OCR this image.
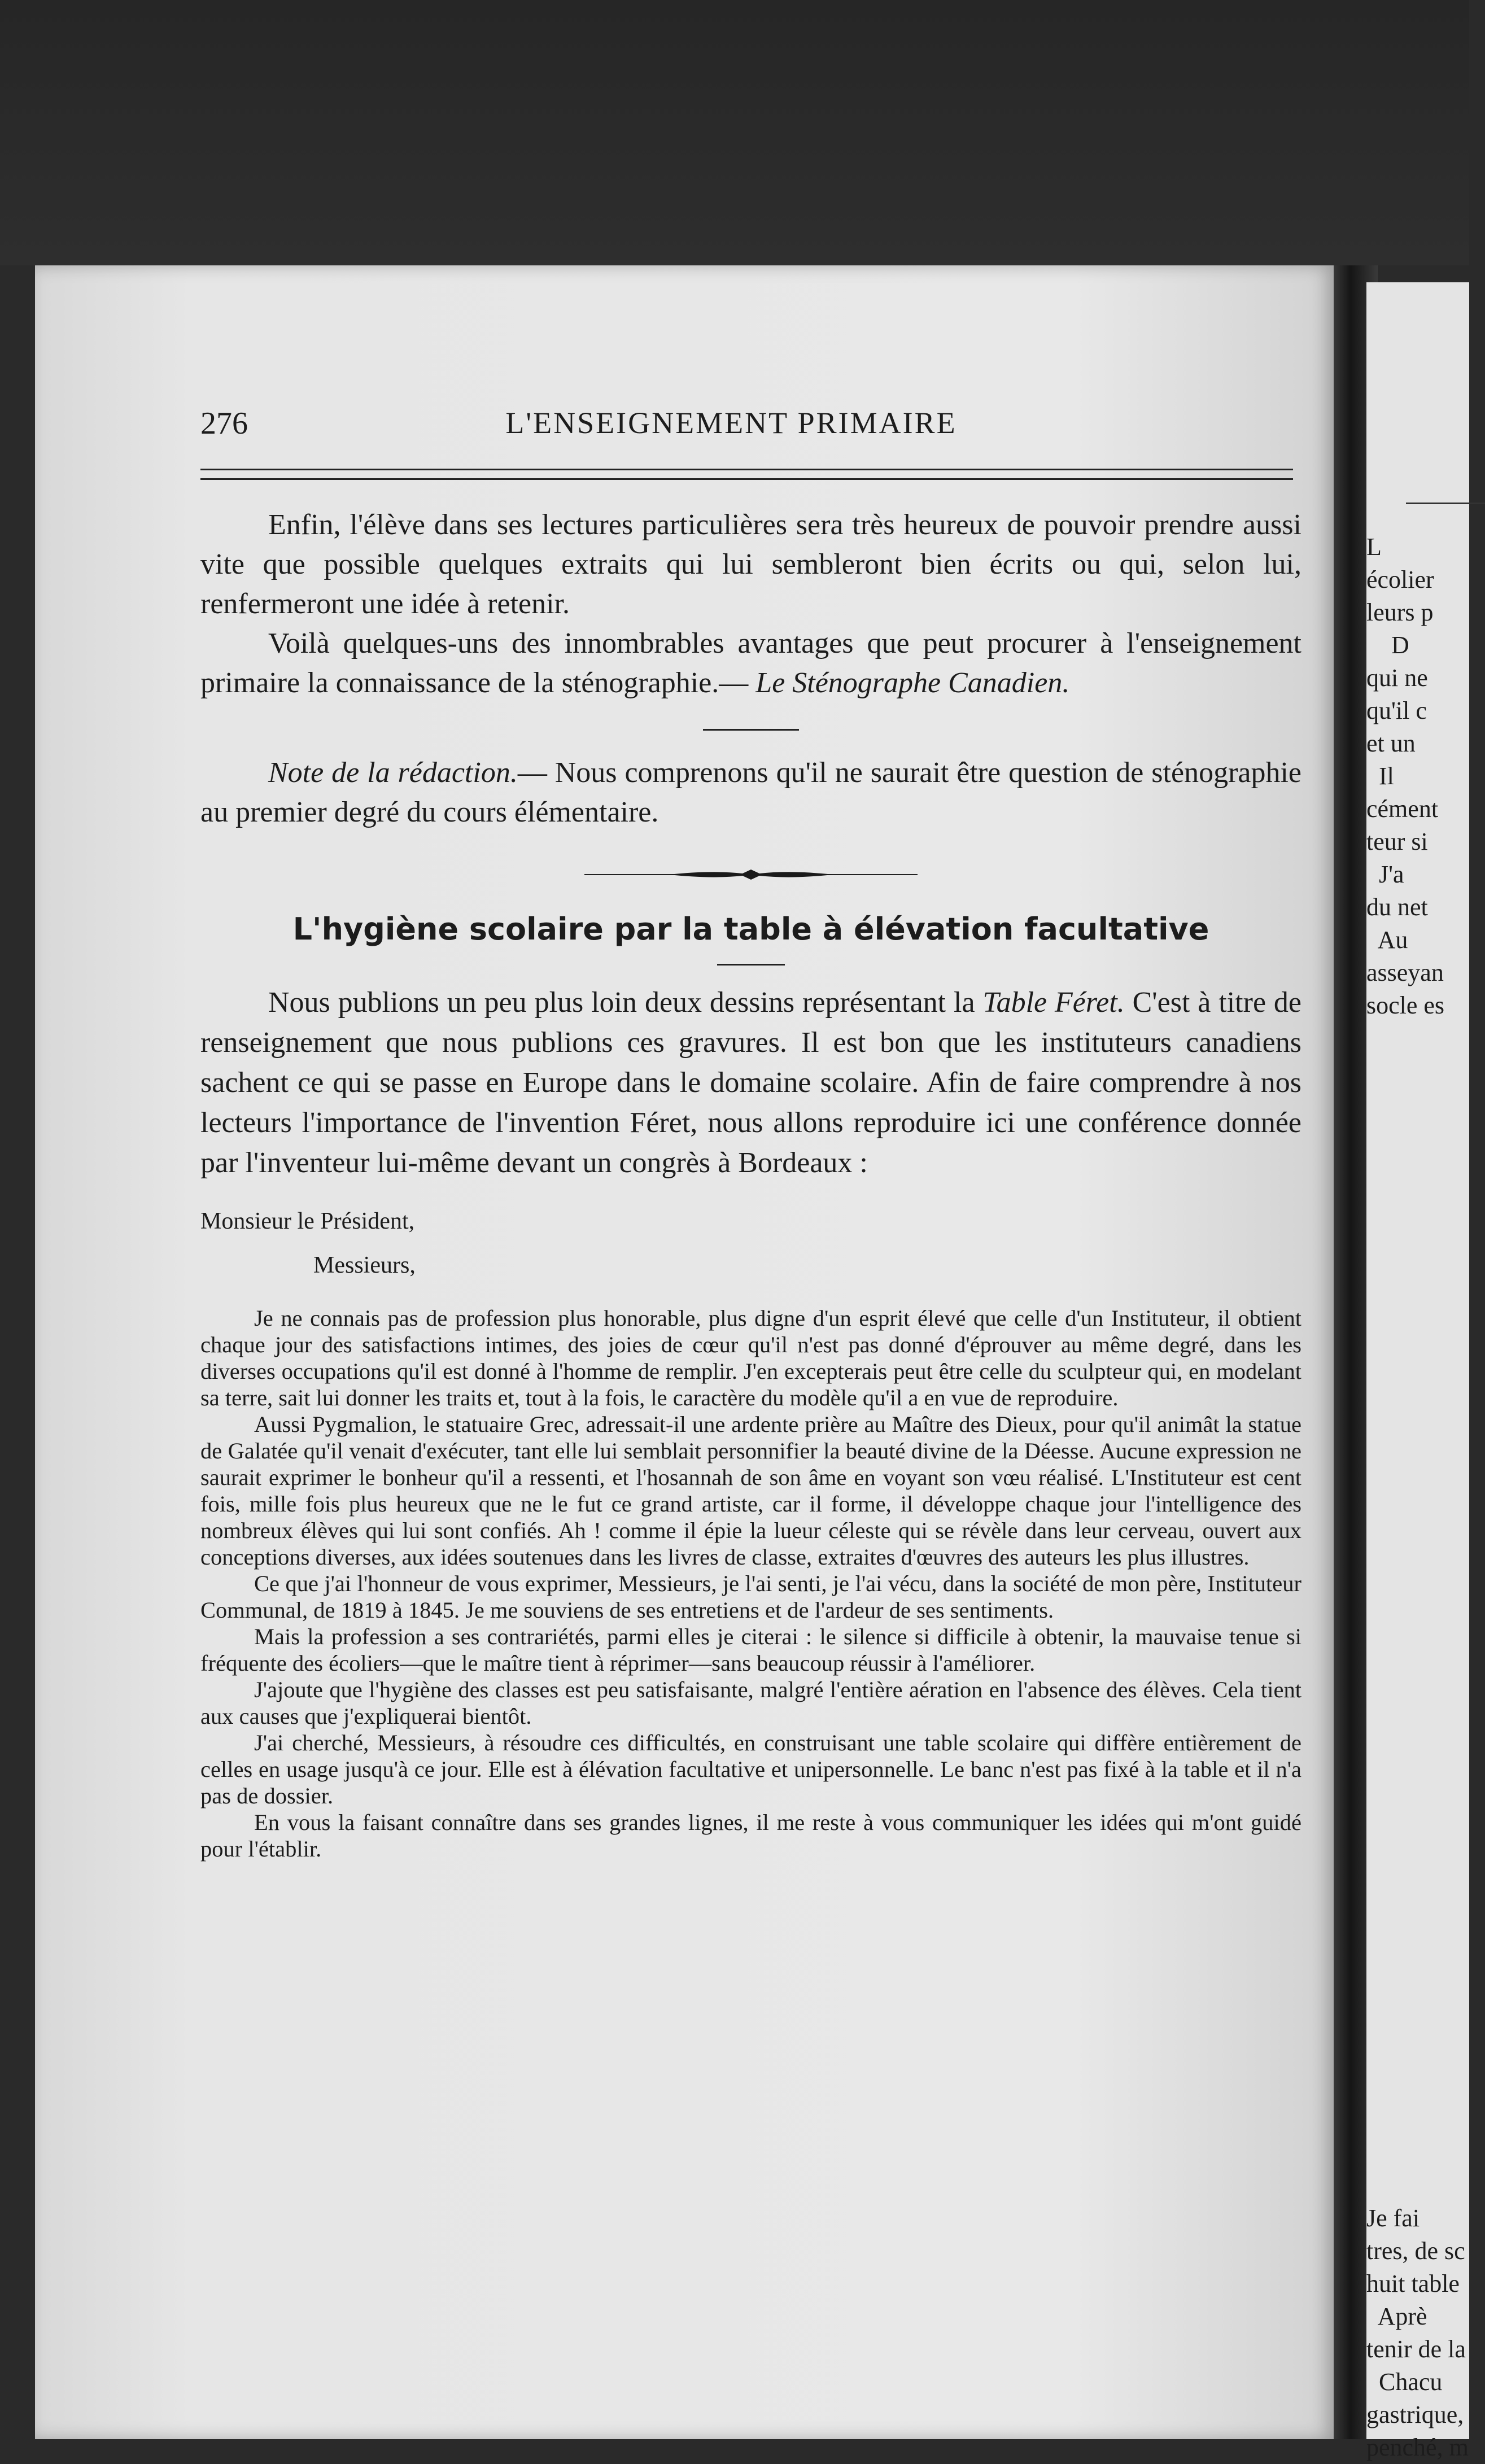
L
écolier
leurs p
D
qui ne
qu'il c
et un
Il
cément
teur si
J'a
du net
Au
asseyan
socle es
Je fai
tres, de sc
huit table
Aprè
tenir de la
Chacu
gastrique,
penché, m
276	L'ENSEIGNEMENT PRIMAIRE

Enfin, l'élève dans ses lectures particulières sera très heureux de pouvoir prendre aussi vite que possible quelques extraits qui lui sembleront bien écrits ou qui, selon lui, renfermeront une idée à retenir.

Voilà quelques-uns des innombrables avantages que peut procurer à l'enseignement primaire la connaissance de la sténographie.— Le Sténographe Canadien.

Note de la rédaction.— Nous comprenons qu'il ne saurait être question de sténographie au premier degré du cours élémentaire.

L'hygiène scolaire par la table à élévation facultative

Nous publions un peu plus loin deux dessins représentant la Table Féret. C'est à titre de renseignement que nous publions ces gravures. Il est bon que les instituteurs canadiens sachent ce qui se passe en Europe dans le domaine scolaire. Afin de faire comprendre à nos lecteurs l'importance de l'invention Féret, nous allons reproduire ici une conférence donnée par l'inventeur lui-même devant un congrès à Bordeaux :

Monsieur le Président,

Messieurs,

Je ne connais pas de profession plus honorable, plus digne d'un esprit élevé que celle d'un Instituteur, il obtient chaque jour des satisfactions intimes, des joies de cœur qu'il n'est pas donné d'éprouver au même degré, dans les diverses occupations qu'il est donné à l'homme de remplir. J'en excepterais peut être celle du sculpteur qui, en modelant sa terre, sait lui donner les traits et, tout à la fois, le caractère du modèle qu'il a en vue de reproduire.

Aussi Pygmalion, le statuaire Grec, adressait-il une ardente prière au Maître des Dieux, pour qu'il animât la statue de Galatée qu'il venait d'exécuter, tant elle lui semblait personnifier la beauté divine de la Déesse. Aucune expression ne saurait exprimer le bonheur qu'il a ressenti, et l'hosannah de son âme en voyant son vœu réalisé. L'Instituteur est cent fois, mille fois plus heureux que ne le fut ce grand artiste, car il forme, il développe chaque jour l'intelligence des nombreux élèves qui lui sont confiés. Ah ! comme il épie la lueur céleste qui se révèle dans leur cerveau, ouvert aux conceptions diverses, aux idées soutenues dans les livres de classe, extraites d'œuvres des auteurs les plus illustres.

Ce que j'ai l'honneur de vous exprimer, Messieurs, je l'ai senti, je l'ai vécu, dans la société de mon père, Instituteur Communal, de 1819 à 1845. Je me souviens de ses entretiens et de l'ardeur de ses sentiments.

Mais la profession a ses contrariétés, parmi elles je citerai : le silence si difficile à obtenir, la mauvaise tenue si fréquente des écoliers—que le maître tient à réprimer—sans beaucoup réussir à l'améliorer.

J'ajoute que l'hygiène des classes est peu satisfaisante, malgré l'entière aération en l'absence des élèves. Cela tient aux causes que j'expliquerai bientôt.

J'ai cherché, Messieurs, à résoudre ces difficultés, en construisant une table scolaire qui diffère entièrement de celles en usage jusqu'à ce jour. Elle est à élévation facultative et unipersonnelle. Le banc n'est pas fixé à la table et il n'a pas de dossier.

En vous la faisant connaître dans ses grandes lignes, il me reste à vous communiquer les idées qui m'ont guidé pour l'établir.
